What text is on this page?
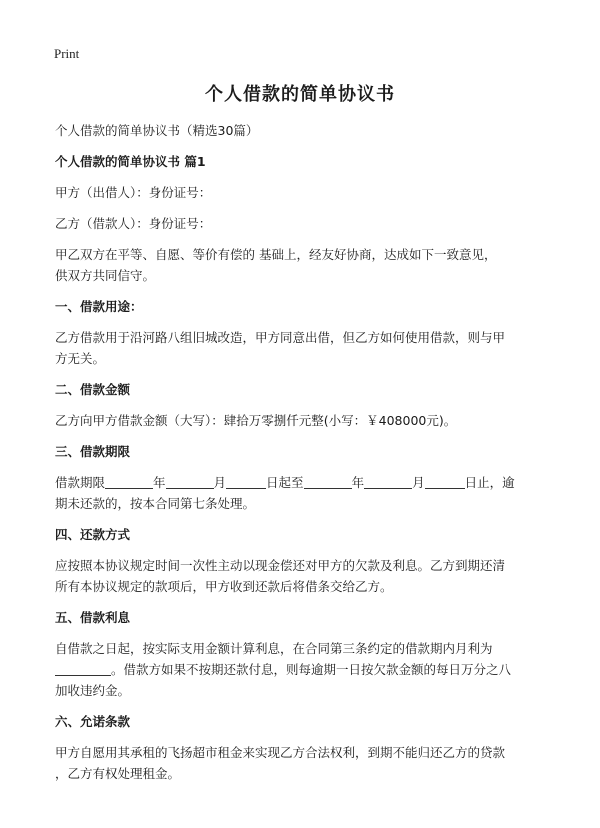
Print
个人借款的简单协议书

个人借款的简单协议书（精选30篇）

个人借款的简单协议书 篇1

甲方（出借人）：身份证号：

乙方（借款人）：身份证号：

甲乙双方在平等、自愿、等价有偿的 基础上，经友好协商，达成如下一致意见，

供双方共同信守。

一、借款用途：

乙方借款用于沿河路八组旧城改造，甲方同意出借，但乙方如何使用借款，则与甲

方无关。

二、借款金额

乙方向甲方借款金额（大写）：肆拾万零捌仟元整(小写：￥408000元)。

三、借款期限

借款期限	年	月	日起至	年	月	日止，逾

期未还款的，按本合同第七条处理。

四、还款方式

应按照本协议规定时间一次性主动以现金偿还对甲方的欠款及利息。乙方到期还清

所有本协议规定的款项后，甲方收到还款后将借条交给乙方。

五、借款利息

自借款之日起，按实际支用金额计算利息，在合同第三条约定的借款期内月利为

。借款方如果不按期还款付息，则每逾期一日按欠款金额的每日万分之八

加收违约金。

六、允诺条款

甲方自愿用其承租的飞扬超市租金来实现乙方合法权利，到期不能归还乙方的贷款

，乙方有权处理租金。
